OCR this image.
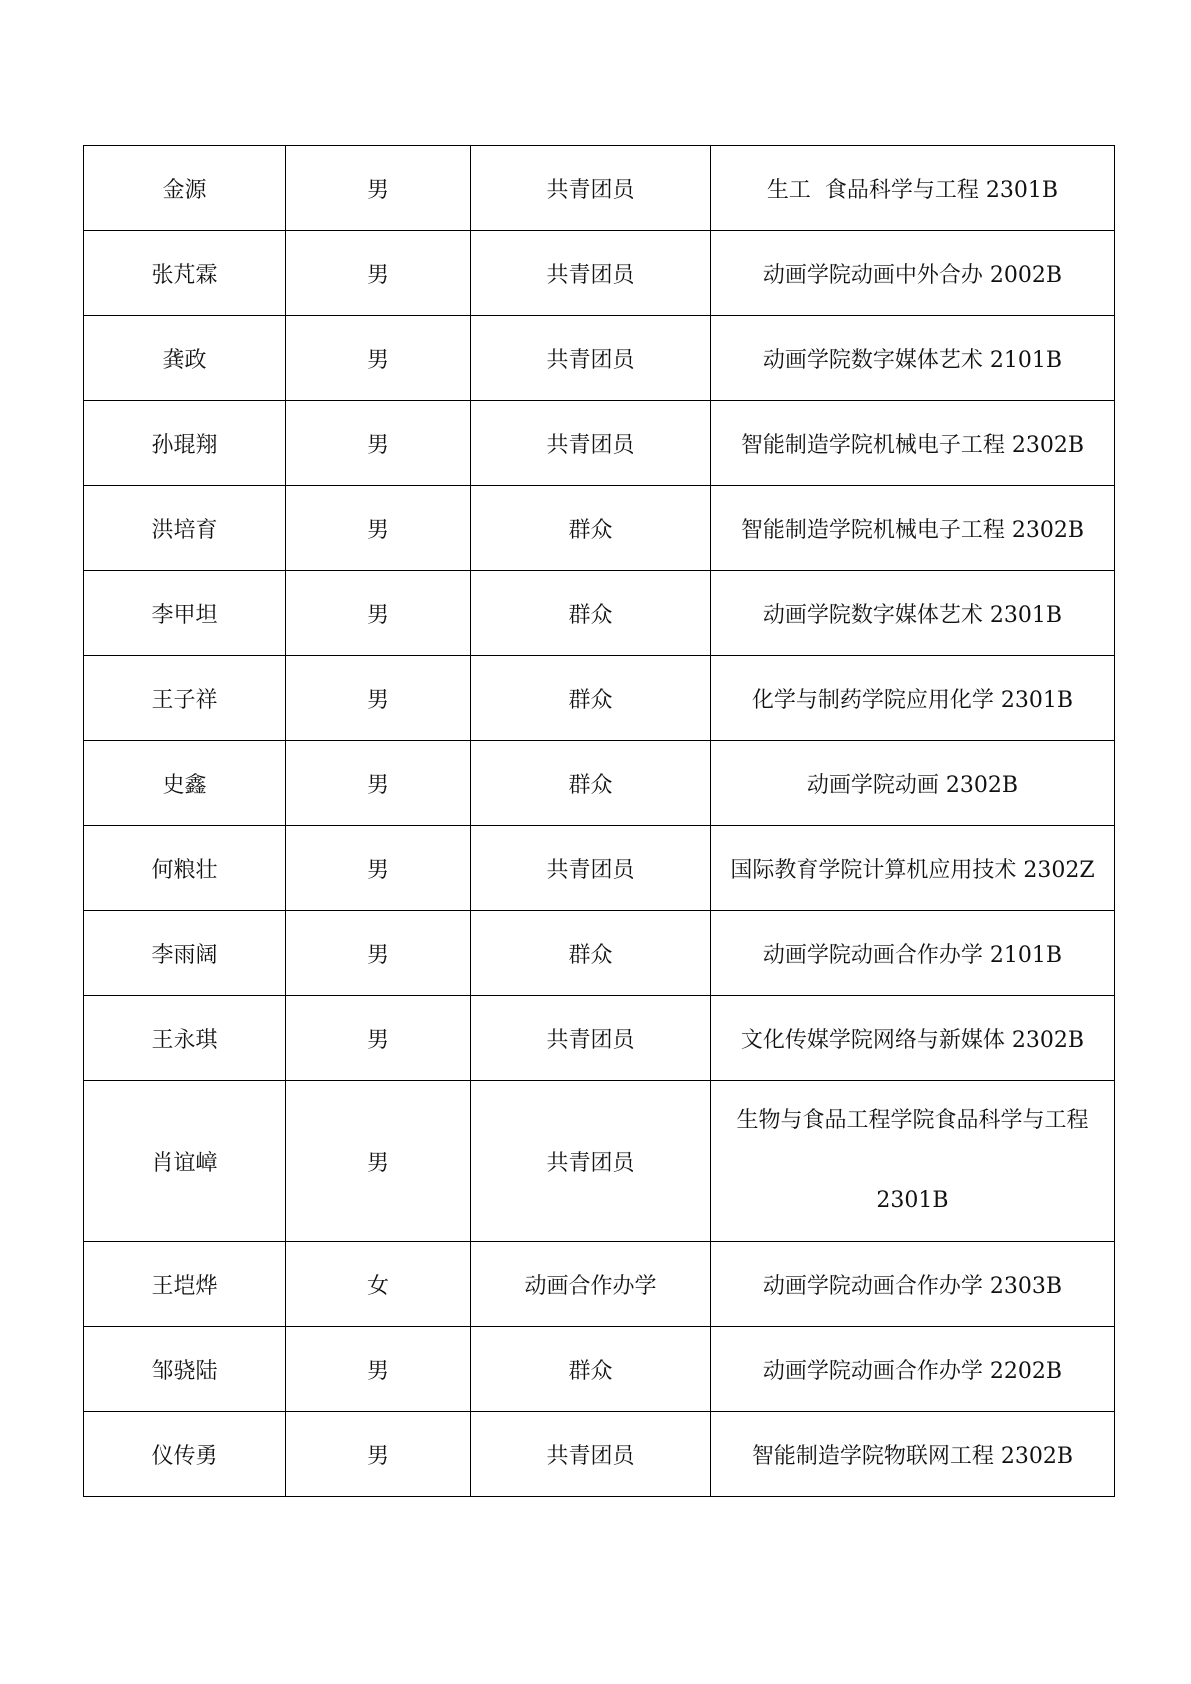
金源	男	共青团员	生工  食品科学与工程 2301B
张芃霖	男	共青团员	动画学院动画中外合办 2002B
龚政	男	共青团员	动画学院数字媒体艺术 2101B
孙琨翔	男	共青团员	智能制造学院机械电子工程 2302B
洪培育	男	群众	智能制造学院机械电子工程 2302B
李甲坦	男	群众	动画学院数字媒体艺术 2301B
王子祥	男	群众	化学与制药学院应用化学 2301B
史鑫	男	群众	动画学院动画 2302B
何粮壮	男	共青团员	国际教育学院计算机应用技术 2302Z
李雨阔	男	群众	动画学院动画合作办学 2101B
王永琪	男	共青团员	文化传媒学院网络与新媒体 2302B
肖谊嶂	男	共青团员	生物与食品工程学院食品科学与工程 2301B
王垲烨	女	动画合作办学	动画学院动画合作办学 2303B
邹骁陆	男	群众	动画学院动画合作办学 2202B
仪传勇	男	共青团员	智能制造学院物联网工程 2302B
